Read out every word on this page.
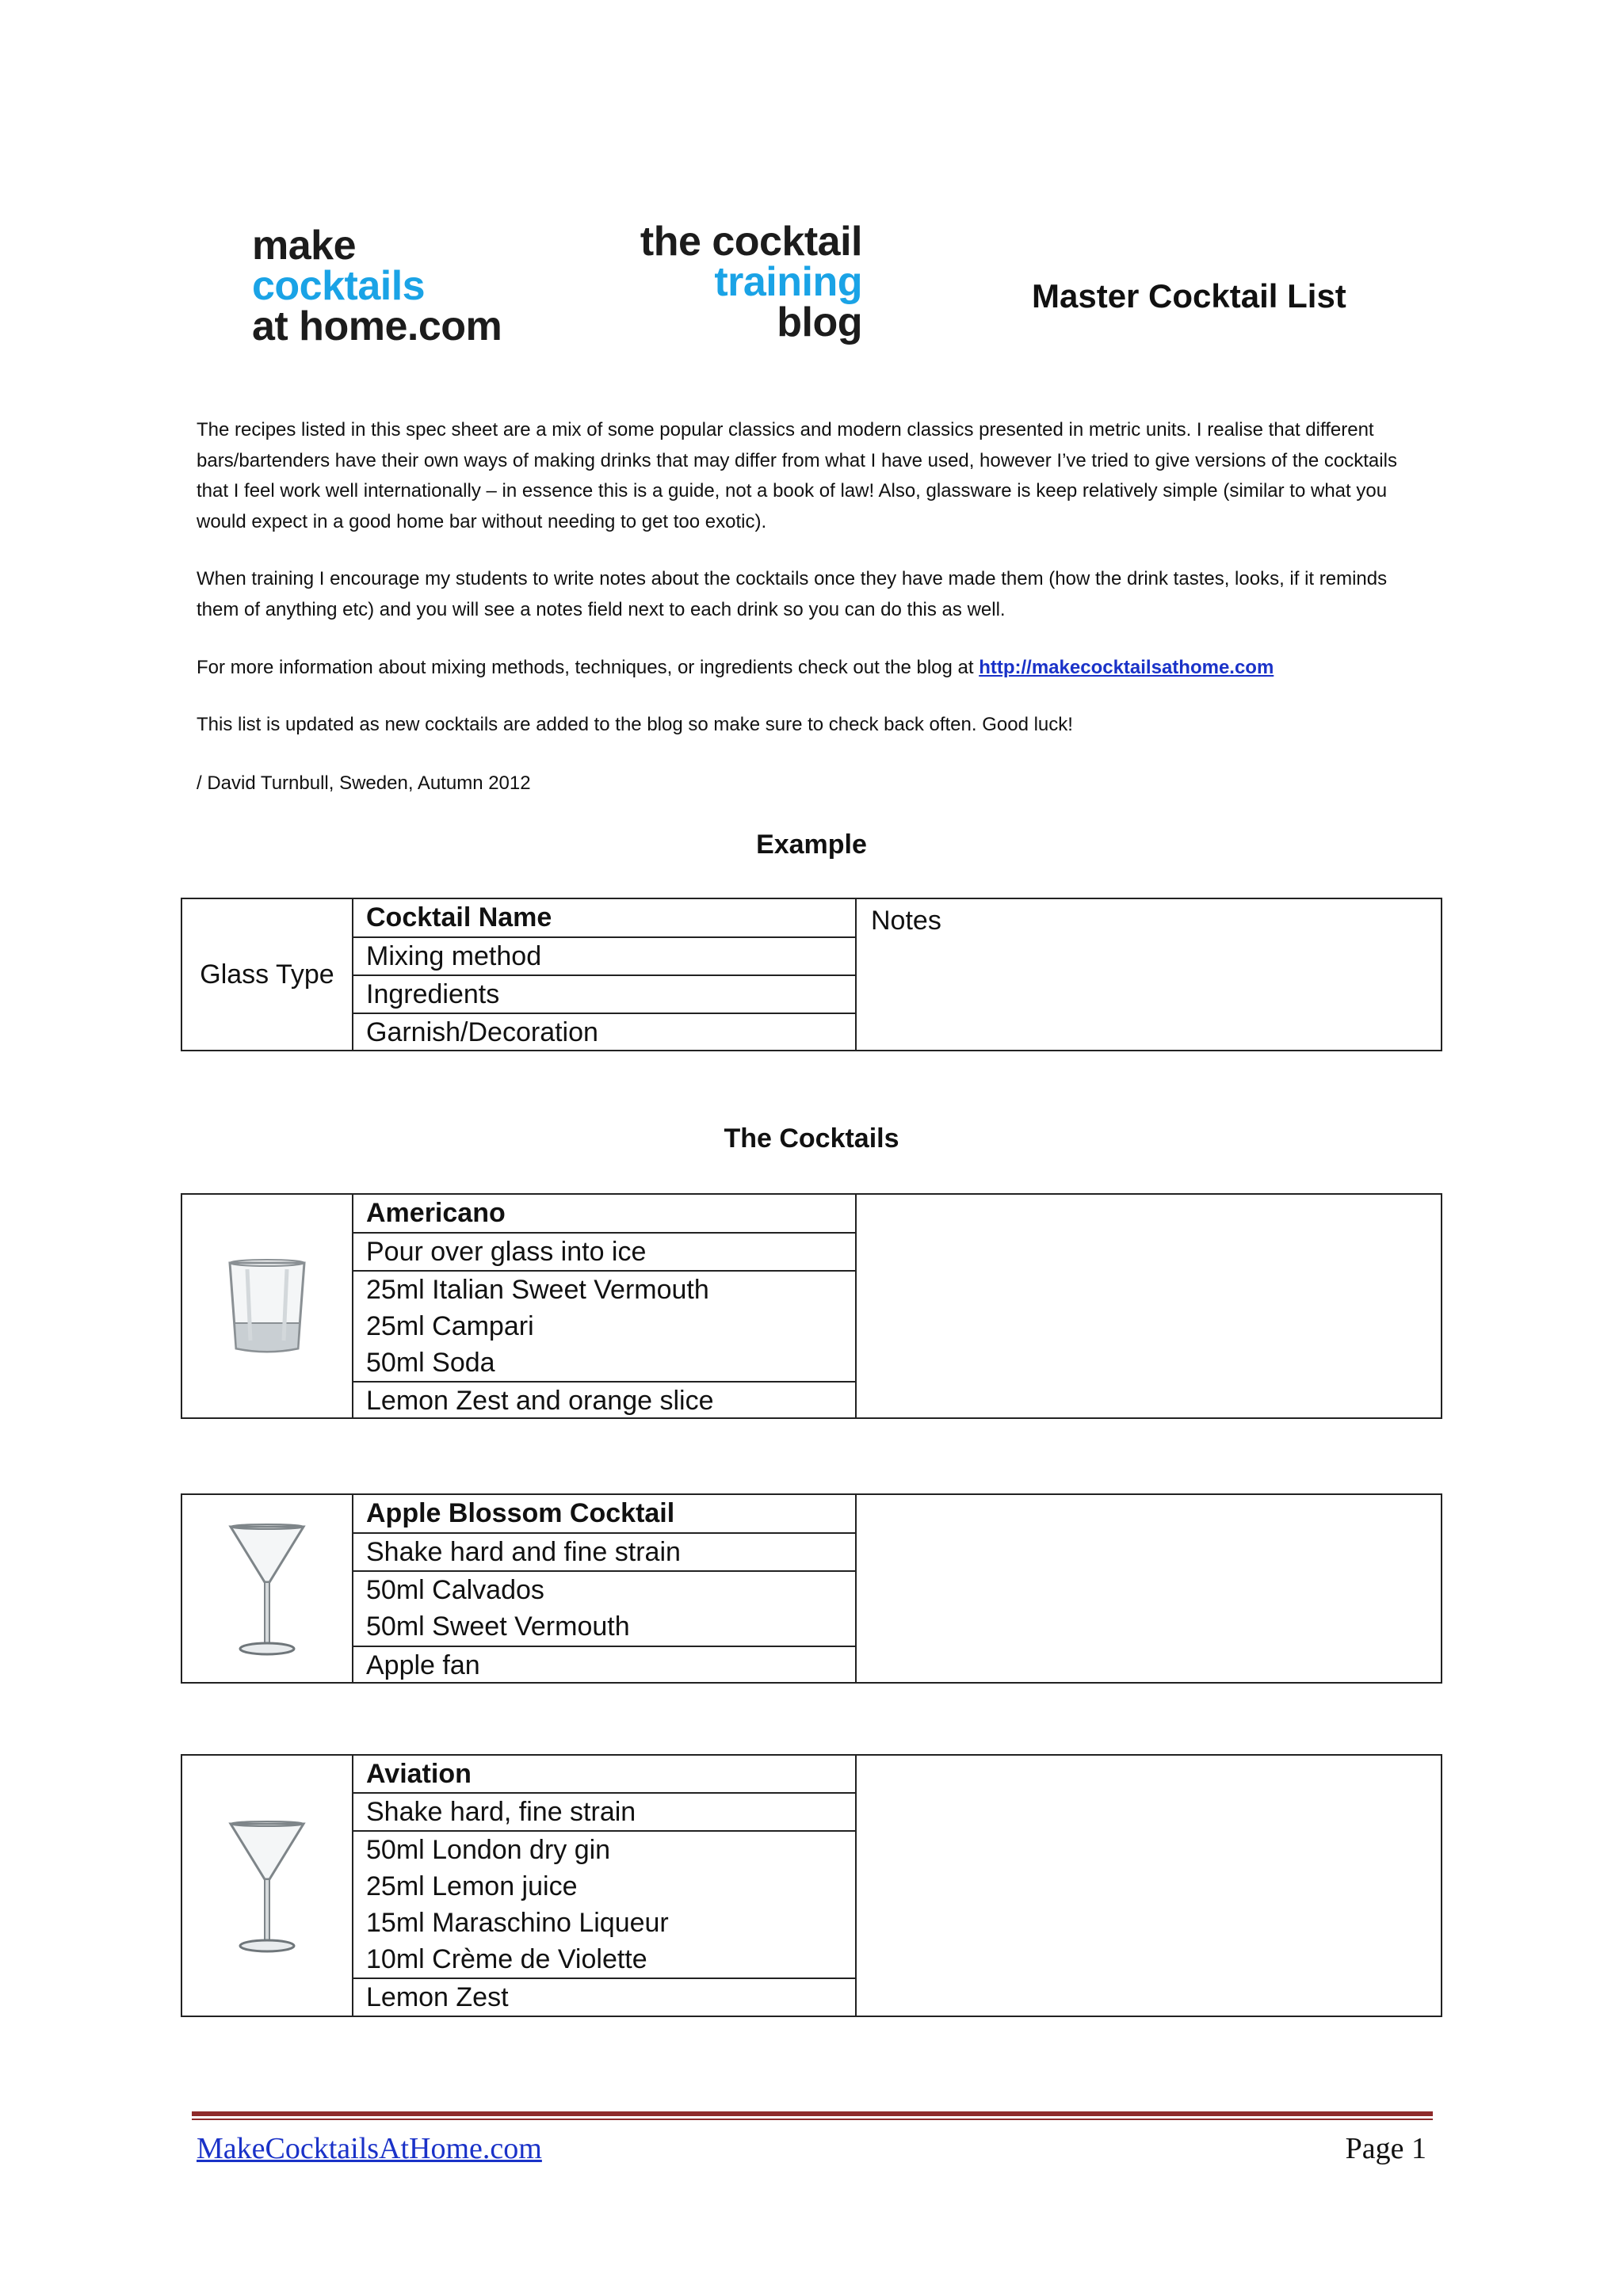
make
cocktails
at home.com
the cocktail
training
blog
Master Cocktail List
The recipes listed in this spec sheet are a mix of some popular classics and modern classics presented in metric units. I realise that different bars/bartenders have their own ways of making drinks that may differ from what I have used, however I’ve tried to give versions of the cocktails that I feel work well internationally – in essence this is a guide, not a book of law! Also, glassware is keep relatively simple (similar to what you would expect in a good home bar without needing to get too exotic).
When training I encourage my students to write notes about the cocktails once they have made them (how the drink tastes, looks, if it reminds them of anything etc) and you will see a notes field next to each drink so you can do this as well.
For more information about mixing methods, techniques, or ingredients check out the blog at http://makecocktailsathome.com
This list is updated as new cocktails are added to the blog so make sure to check back often. Good luck!
/ David Turnbull, Sweden, Autumn 2012
Example
Glass Type
Cocktail Name
Mixing method
Ingredients
Garnish/Decoration
Notes
The Cocktails
Americano
Pour over glass into ice
25ml Italian Sweet Vermouth
25ml Campari
50ml Soda
Lemon Zest and orange slice
Apple Blossom Cocktail
Shake hard and fine strain
50ml Calvados
50ml Sweet Vermouth
Apple fan
Aviation
Shake hard, fine strain
50ml London dry gin
25ml Lemon juice
15ml Maraschino Liqueur
10ml Crème de Violette
Lemon Zest
MakeCocktailsAtHome.com	Page 1
